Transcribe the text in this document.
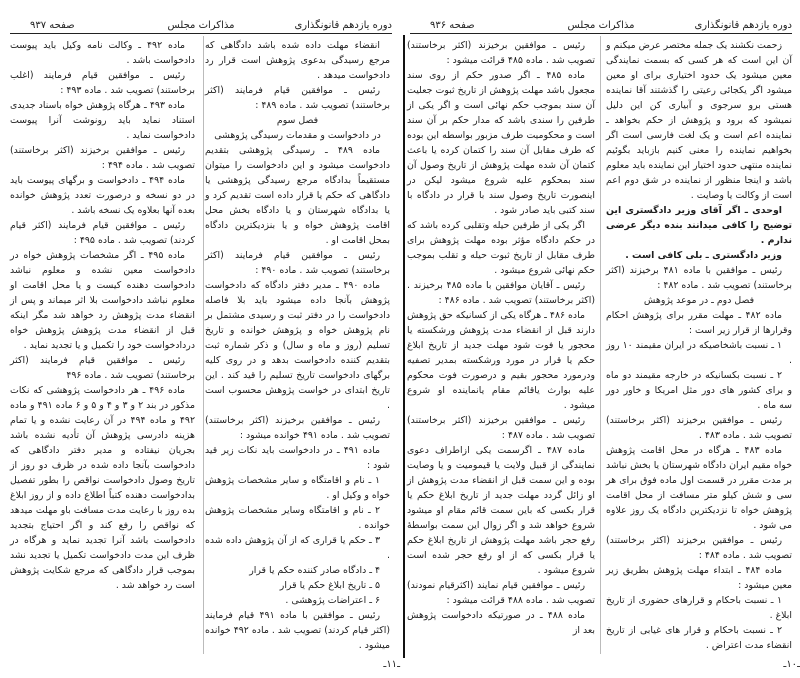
دوره یازدهم قانونگذاری
مذاکرات مجلس
صفحه ۹۳۷

انقضاء مهلت داده شده باشد دادگاهی که مرجع رسیدگی بدعوی پژوهش است قرار رد دادخواست میدهد .

رئیس ـ موافقین قیام فرمایند (اکثر برخاستند) تصویب شد . ماده ۴۸۹ :

فصل سوم

در دادخواست و مقدمات رسیدگی پژوهشی

ماده ۴۸۹ ـ رسیدگی پژوهشی بتقدیم دادخواست میشود و این دادخواست را میتوان مستقیماً بدادگاه مرجع رسیدگی پژوهشی یا دادگاهی که حکم یا قرار داده است تقدیم کرد و یا بدادگاه شهرستان و یا دادگاه بخش محل اقامت پژوهش خواه و یا بنزدیکترین دادگاه بمحل اقامت او .

رئیس ـ موافقین قیام فرمایند (اکثر برخاستند) تصویب شد . ماده ۴۹۰ :

ماده ۴۹۰ ـ مدیر دفتر دادگاه که دادخواست پژوهش بآنجا داده میشود باید بلا فاصله دادخواست را در دفتر ثبت و رسیدی مشتمل بر نام پژوهش خواه و پژوهش خوانده و تاریخ تسلیم (روز و ماه و سال) و ذکر شماره ثبت بتقدیم کننده دادخواست بدهد و در روی کلیه برگهای دادخواست تاریخ تسلیم را قید کند . این تاریخ ابتدای در خواست پژوهش محسوب است .

رئیس ـ موافقین برخیزند (اکثر برخاستند) تصویب شد . ماده ۴۹۱ خوانده میشود :

ماده ۴۹۱ ـ در دادخواست باید نکات زیر قید شود :

۱ ـ نام و اقامتگاه و سایر مشخصات پژوهش خواه و وکیل او .

۲ ـ نام و اقامتگاه وسایر مشخصات پژوهش خوانده .

۳ ـ حکم یا قراری که از آن پژوهش داده شده .

۴ ـ دادگاه صادر کننده حکم یا قرار

۵ ـ تاریخ ابلاغ حکم یا قرار

۶ ـ اعتراضات پژوهشی .

رئیس ـ موافقین با ماده ۴۹۱ قیام فرمایند (اکثر قیام کردند) تصویب شد . ماده ۴۹۲ خوانده میشود .

ماده ۴۹۲ ـ وکالت نامه وکیل باید پیوست دادخواست باشد .

رئیس ـ موافقین قیام فرمایند (اغلب برخاستند) تصویب شد . ماده ۴۹۳ :

ماده ۴۹۳ ـ هرگاه پژوهش خواه باسناد جدیدی استناد نماید باید رونوشت آنرا پیوست دادخواست نماید .

رئیس ـ موافقین برخیزند (اکثر برخاستند) تصویب شد . ماده ۴۹۴ :

ماده ۴۹۴ ـ دادخواست و برگهای پیوست باید در دو نسخه و درصورت تعدد پژوهش خوانده بعده آنها بعلاوه یک نسخه باشد .

رئیس ـ موافقین قیام فرمایند (اکثر قیام کردند) تصویب شد . ماده ۴۹۵ :

ماده ۴۹۵ ـ اگر مشخصات پژوهش خواه در دادخواست معین نشده و معلوم نباشد دادخواست دهنده کیست و یا محل اقامت او معلوم نباشد دادخواست بلا اثر میماند و پس از انقضاء مدت پژوهش رد خواهد شد مگر اینکه قبل از انقضاء مدت پژوهش پژوهش خواه دردادخواست خود را تکمیل و یا تجدید نماید .

رئیس ـ موافقین قیام فرمایند (اکثر برخاستند) تصویب شد . ماده ۴۹۶

ماده ۴۹۶ ـ هر دادخواست پژوهشی که نکات مذکور در بند ۲ و ۳ و ۴ و ۵ و ۶ ماده ۴۹۱ و ماده ۴۹۲ و ماده ۴۹۴ در آن رعایت نشده و یا تمام هزینه دادرسی پژوهش آن تأدیه نشده باشد بجریان نیفتاده و مدیر دفتر دادگاهی که دادخواست بآنجا داده شده در ظرف دو روز از تاریخ وصول دادخواست نواقص را بطور تفصیل بدادخواست دهنده کتباً اطلاع داده و از روز ابلاغ بده روز با رعایت مدت مسافت باو مهلت میدهد که نواقص را رفع کند و اگر احتیاج بتجدید دادخواست باشد آنرا تجدید نماید و هرگاه در ظرف این مدت دادخواست تکمیل یا تجدید نشد بموجب قرار دادگاهی که مرجع شکایت پژوهش است رد خواهد شد .

ـ۱۱ـ
دوره یازدهم قانونگذاری
مذاکرات مجلس
صفحه ۹۳۶

زحمت نکشند یک جمله مختصر عرض میکنم و آن این است که هر کسی که بسمت نمایندگی معین میشود یک حدود اختیاری برای او معین میشود اگر یکجائی رعیتی را گذشتند آقا نماینده هستی برو سرجوی و آبیاری کن این دلیل نمیشود که برود و پژوهش از حکم بخواهد ـ نماینده اعم است و یک لغت فارسی است اگر بخواهیم نماینده را معنی کنیم بازباید بگوئیم نماینده منتهی حدود اختیار این نماینده باید معلوم باشد و اینجا منظور از نماینده در شق دوم اعم است از وکالت یا وصایت .

اوحدی ـ اگر آقای وزیر دادگستری این توضیح را کافی میدانند بنده دیگر عرضی ندارم .

وزیر دادگستری ـ بلی کافی است .

رئیس ـ موافقین با ماده ۴۸۱ برخیزند (اکثر برخاستند) تصویب شد . ماده ۴۸۲ :

فصل دوم ـ در موعد پژوهش

ماده ۴۸۲ ـ مهلت مقرر برای پژوهش احکام وقرارها از قرار زیر است :

۱ ـ نسبت باشخاصیکه در ایران مقیمند ۱۰ روز .

۲ ـ نسبت بکسانیکه در خارجه مقیمند دو ماه و برای کشور های دور مثل امریکا و خاور دور سه ماه .

رئیس ـ موافقین برخیزند (اکثر برخاستند) تصویب شد . ماده ۴۸۳ .

ماده ۴۸۳ ـ هرگاه در محل اقامت پژوهش خواه مقیم ایران دادگاه شهرستان یا بخش نباشد بر مدت مقرر در قسمت اول ماده فوق برای هر سی و شش کیلو متر مسافت از محل اقامت پژوهش خواه تا نزدیکترین دادگاه یک روز علاوه می شود .

رئیس ـ موافقین برخیزند (اکثر برخاستند) تصویب شد . ماده ۴۸۴ :

ماده ۴۸۴ ـ ابتداء مهلت پژوهش بطریق زیر معین میشود :

۱ ـ نسبت باحکام و قرارهای حضوری از تاریخ ابلاغ .

۲ ـ نسبت باحکام و قرار های غیابی از تاریخ انقضاء مدت اعتراض .

رئیس ـ موافقین برخیزند (اکثر برخاستند) تصویب شد . ماده ۴۸۵ قرائت میشود :

ماده ۴۸۵ ـ اگر صدور حکم از روی سند مجعول باشد مهلت پژوهش از تاریخ ثبوت جعلیت آن سند بموجب حکم نهائی است و اگر یکی از طرفین را سندی باشد که مدار حکم بر آن سند است و محکومیت طرف مزبور بواسطه این بوده که طرف مقابل آن سند را کتمان کرده یا باعث کتمان آن شده مهلت پژوهش از تاریخ وصول آن سند بمحکوم علیه شروع میشود لیکن در اینصورت تاریخ وصول سند با قرار در دادگاه با سند کتبی باید صادر شود .

اگر یکی از طرفین حیله وتقلبی کرده باشد که در حکم دادگاه مؤثر بوده مهلت پژوهش برای طرف مقابل از تاریخ ثبوت حیله و تقلب بموجب حکم نهائی شروع میشود .

رئیس ـ آقایان موافقین با ماده ۴۸۵ برخیزند . (اکثر برخاستند) تصویب شد . ماده ۴۸۶ :

ماده ۴۸۶ ـ هرگاه یکی از کسانیکه حق پژوهش دارند قبل از انقضاء مدت پژوهش ورشکسته یا محجور یا فوت شود مهلت جدید از تاریخ ابلاغ حکم یا قرار در مورد ورشکسته بمدیر تصفیه ودرمورد محجور بقیم و درصورت فوت محکوم علیه بوارث یاقائم مقام یانماینده او شروع میشود .

رئیس ـ موافقین برخیزند (اکثر برخاستند) تصویب شد . ماده ۴۸۷ :

ماده ۴۸۷ ـ اگرسمت یکی ازاطراف دعوی نمایندگی از قبیل ولایت یا قیمومیت و یا وصایت بوده و این سمت قبل از انقضاء مدت پژوهش از او زائل گردد مهلت جدید از تاریخ ابلاغ حکم یا قرار بکسی که باین سمت قائم مقام او میشود شروع خواهد شد و اگر زوال این سمت بواسطهٔ رفع حجر باشد مهلت پژوهش از تاریخ ابلاغ حکم یا قرار بکسی که از او رفع حجر شده است شروع میشود .

رئیس ـ موافقین قیام نمایند (اکثرقیام نمودند) تصویب شد . ماده ۴۸۸ قرائت میشود :

ماده ۴۸۸ ـ در صورتیکه دادخواست پژوهش بعد از

ـ۱۰ـ
